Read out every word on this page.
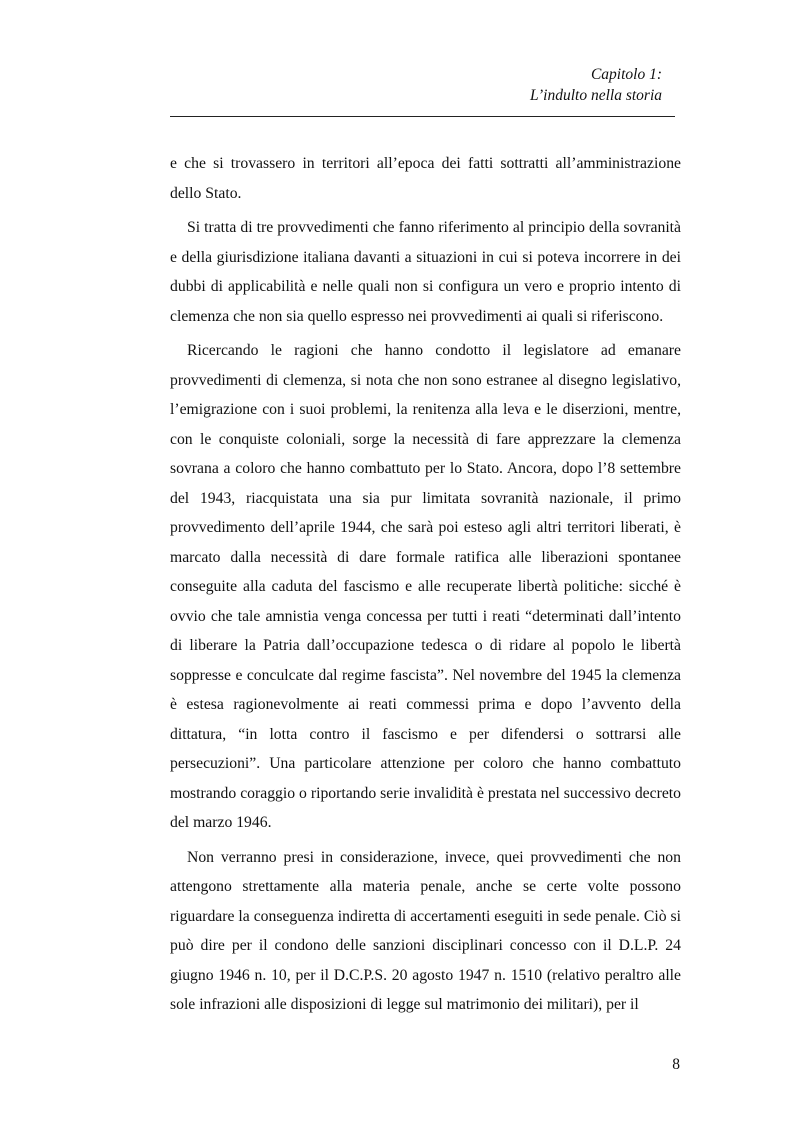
Capitolo 1:
L’indulto nella storia

e che si trovassero in territori all’epoca dei fatti sottratti all’amministrazione dello Stato.

Si tratta di tre provvedimenti che fanno riferimento al principio della sovranità e della giurisdizione italiana davanti a situazioni in cui si poteva incorrere in dei dubbi di applicabilità e nelle quali non si configura un vero e proprio intento di clemenza che non sia quello espresso nei provvedimenti ai quali si riferiscono.

Ricercando le ragioni che hanno condotto il legislatore ad emanare provvedimenti di clemenza, si nota che non sono estranee al disegno legislativo, l’emigrazione con i suoi problemi, la renitenza alla leva e le diserzioni, mentre, con le conquiste coloniali, sorge la necessità di fare apprezzare la clemenza sovrana a coloro che hanno combattuto per lo Stato. Ancora, dopo l’8 settembre del 1943, riacquistata una sia pur limitata sovranità nazionale, il primo provvedimento dell’aprile 1944, che sarà poi esteso agli altri territori liberati, è marcato dalla necessità di dare formale ratifica alle liberazioni spontanee conseguite alla caduta del fascismo e alle recuperate libertà politiche: sicché è ovvio che tale amnistia venga concessa per tutti i reati “determinati dall’intento di liberare la Patria dall’occupazione tedesca o di ridare al popolo le libertà soppresse e conculcate dal regime fascista”. Nel novembre del 1945 la clemenza è estesa ragionevolmente ai reati commessi prima e dopo l’avvento della dittatura, “in lotta contro il fascismo e per difendersi o sottrarsi alle persecuzioni”. Una particolare attenzione per coloro che hanno combattuto mostrando coraggio o riportando serie invalidità è prestata nel successivo decreto del marzo 1946.

Non verranno presi in considerazione, invece, quei provvedimenti che non attengono strettamente alla materia penale, anche se certe volte possono riguardare la conseguenza indiretta di accertamenti eseguiti in sede penale. Ciò si può dire per il condono delle sanzioni disciplinari concesso con il D.L.P. 24 giugno 1946 n. 10, per il D.C.P.S. 20 agosto 1947 n. 1510 (relativo peraltro alle sole infrazioni alle disposizioni di legge sul matrimonio dei militari), per il

8
